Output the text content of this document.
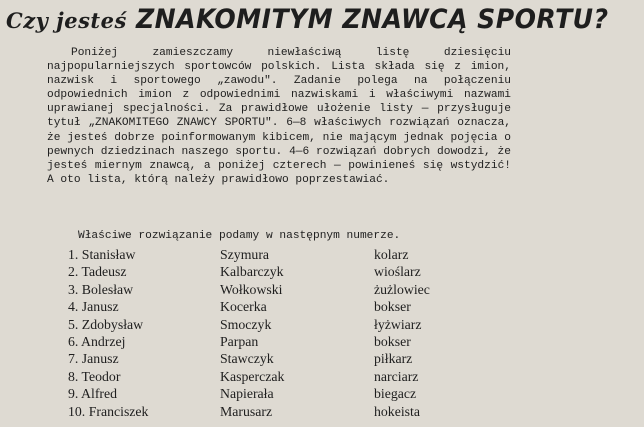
Czy jesteś ZNAKOMITYM ZNAWCĄ SPORTU?

Poniżej zamieszczamy niewłaściwą listę dziesięciu najpopularniejszych sportowców polskich. Lista składa się z imion, nazwisk i sportowego „zawodu". Zadanie polega na połączeniu odpowiednich imion z odpowiednimi nazwiskami i właściwymi nazwami uprawianej specjalności. Za prawidłowe ułożenie listy — przysługuje tytuł „ZNAKOMITEGO ZNAWCY SPORTU". 6—8 właściwych rozwiązań oznacza, że jesteś dobrze poinformowanym kibicem, nie mającym jednak pojęcia o pewnych dziedzinach naszego sportu. 4—6 rozwiązań dobrych dowodzi, że jesteś miernym znawcą, a poniżej czterech — powinieneś się wstydzić! A oto lista, którą należy prawidłowo poprzestawiać.

Właściwe rozwiązanie podamy w następnym numerze.

1. Stanisław	Szymura	kolarz
2. Tadeusz	Kalbarczyk	wioślarz
3. Bolesław	Wołkowski	żużlowiec
4. Janusz	Kocerka	bokser
5. Zdobysław	Smoczyk	łyżwiarz
6. Andrzej	Parpan	bokser
7. Janusz	Stawczyk	piłkarz
8. Teodor	Kasperczak	narciarz
9. Alfred	Napierała	biegacz
10. Franciszek	Marusarz	hokeista
